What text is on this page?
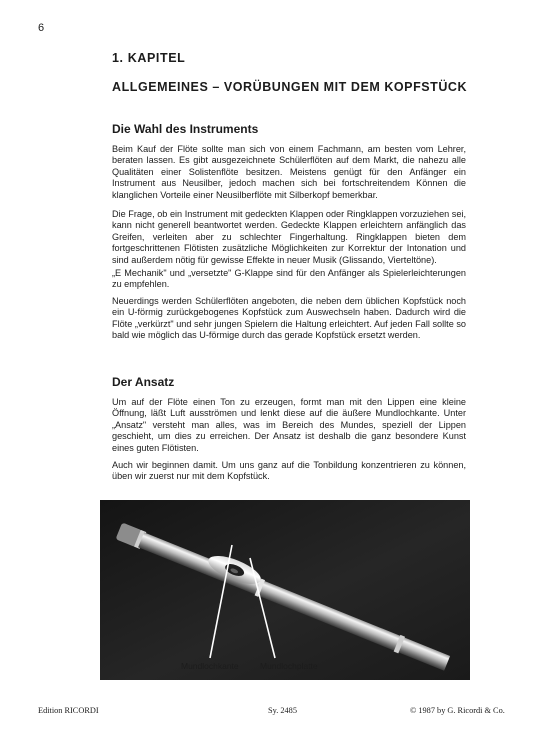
6
1. KAPITEL
ALLGEMEINES – VORÜBUNGEN MIT DEM KOPFSTÜCK
Die Wahl des Instruments

Beim Kauf der Flöte sollte man sich von einem Fachmann, am besten vom Lehrer, beraten lassen. Es gibt ausgezeichnete Schülerflöten auf dem Markt, die nahezu alle Qualitäten einer Solistenflöte besitzen. Meistens genügt für den Anfänger ein Instrument aus Neusilber, jedoch machen sich bei fortschreitendem Können die klanglichen Vorteile einer Neusilberflöte mit Silberkopf bemerkbar.

Die Frage, ob ein Instrument mit gedeckten Klappen oder Ringklappen vorzuziehen sei, kann nicht generell beantwortet werden. Gedeckte Klappen erleichtern anfänglich das Greifen, verleiten aber zu schlechter Fingerhaltung. Ringklappen bieten dem fortgeschrittenen Flötisten zusätzliche Möglichkeiten zur Korrektur der Intonation und sind außerdem nötig für gewisse Effekte in neuer Musik (Glissando, Vierteltöne).

„E Mechanik" und „versetzte" G-Klappe sind für den Anfänger als Spielerleichterungen zu empfehlen.

Neuerdings werden Schülerflöten angeboten, die neben dem üblichen Kopfstück noch ein U-förmig zurückgebogenes Kopfstück zum Auswechseln haben. Dadurch wird die Flöte „verkürzt" und sehr jungen Spielern die Haltung erleichtert. Auf jeden Fall sollte so bald wie möglich das U-förmige durch das gerade Kopfstück ersetzt werden.

Der Ansatz

Um auf der Flöte einen Ton zu erzeugen, formt man mit den Lippen eine kleine Öffnung, läßt Luft ausströmen und lenkt diese auf die äußere Mundlochkante. Unter „Ansatz" versteht man alles, was im Bereich des Mundes, speziell der Lippen geschieht, um dies zu erreichen. Der Ansatz ist deshalb die ganz besondere Kunst eines guten Flötisten.

Auch wir beginnen damit. Um uns ganz auf die Tonbildung konzentrieren zu können, üben wir zuerst nur mit dem Kopfstück.

Mundlochkante	Mundlochplatte
Edition RICORDI	Sy. 2485	© 1987 by G. Ricordi & Co.
